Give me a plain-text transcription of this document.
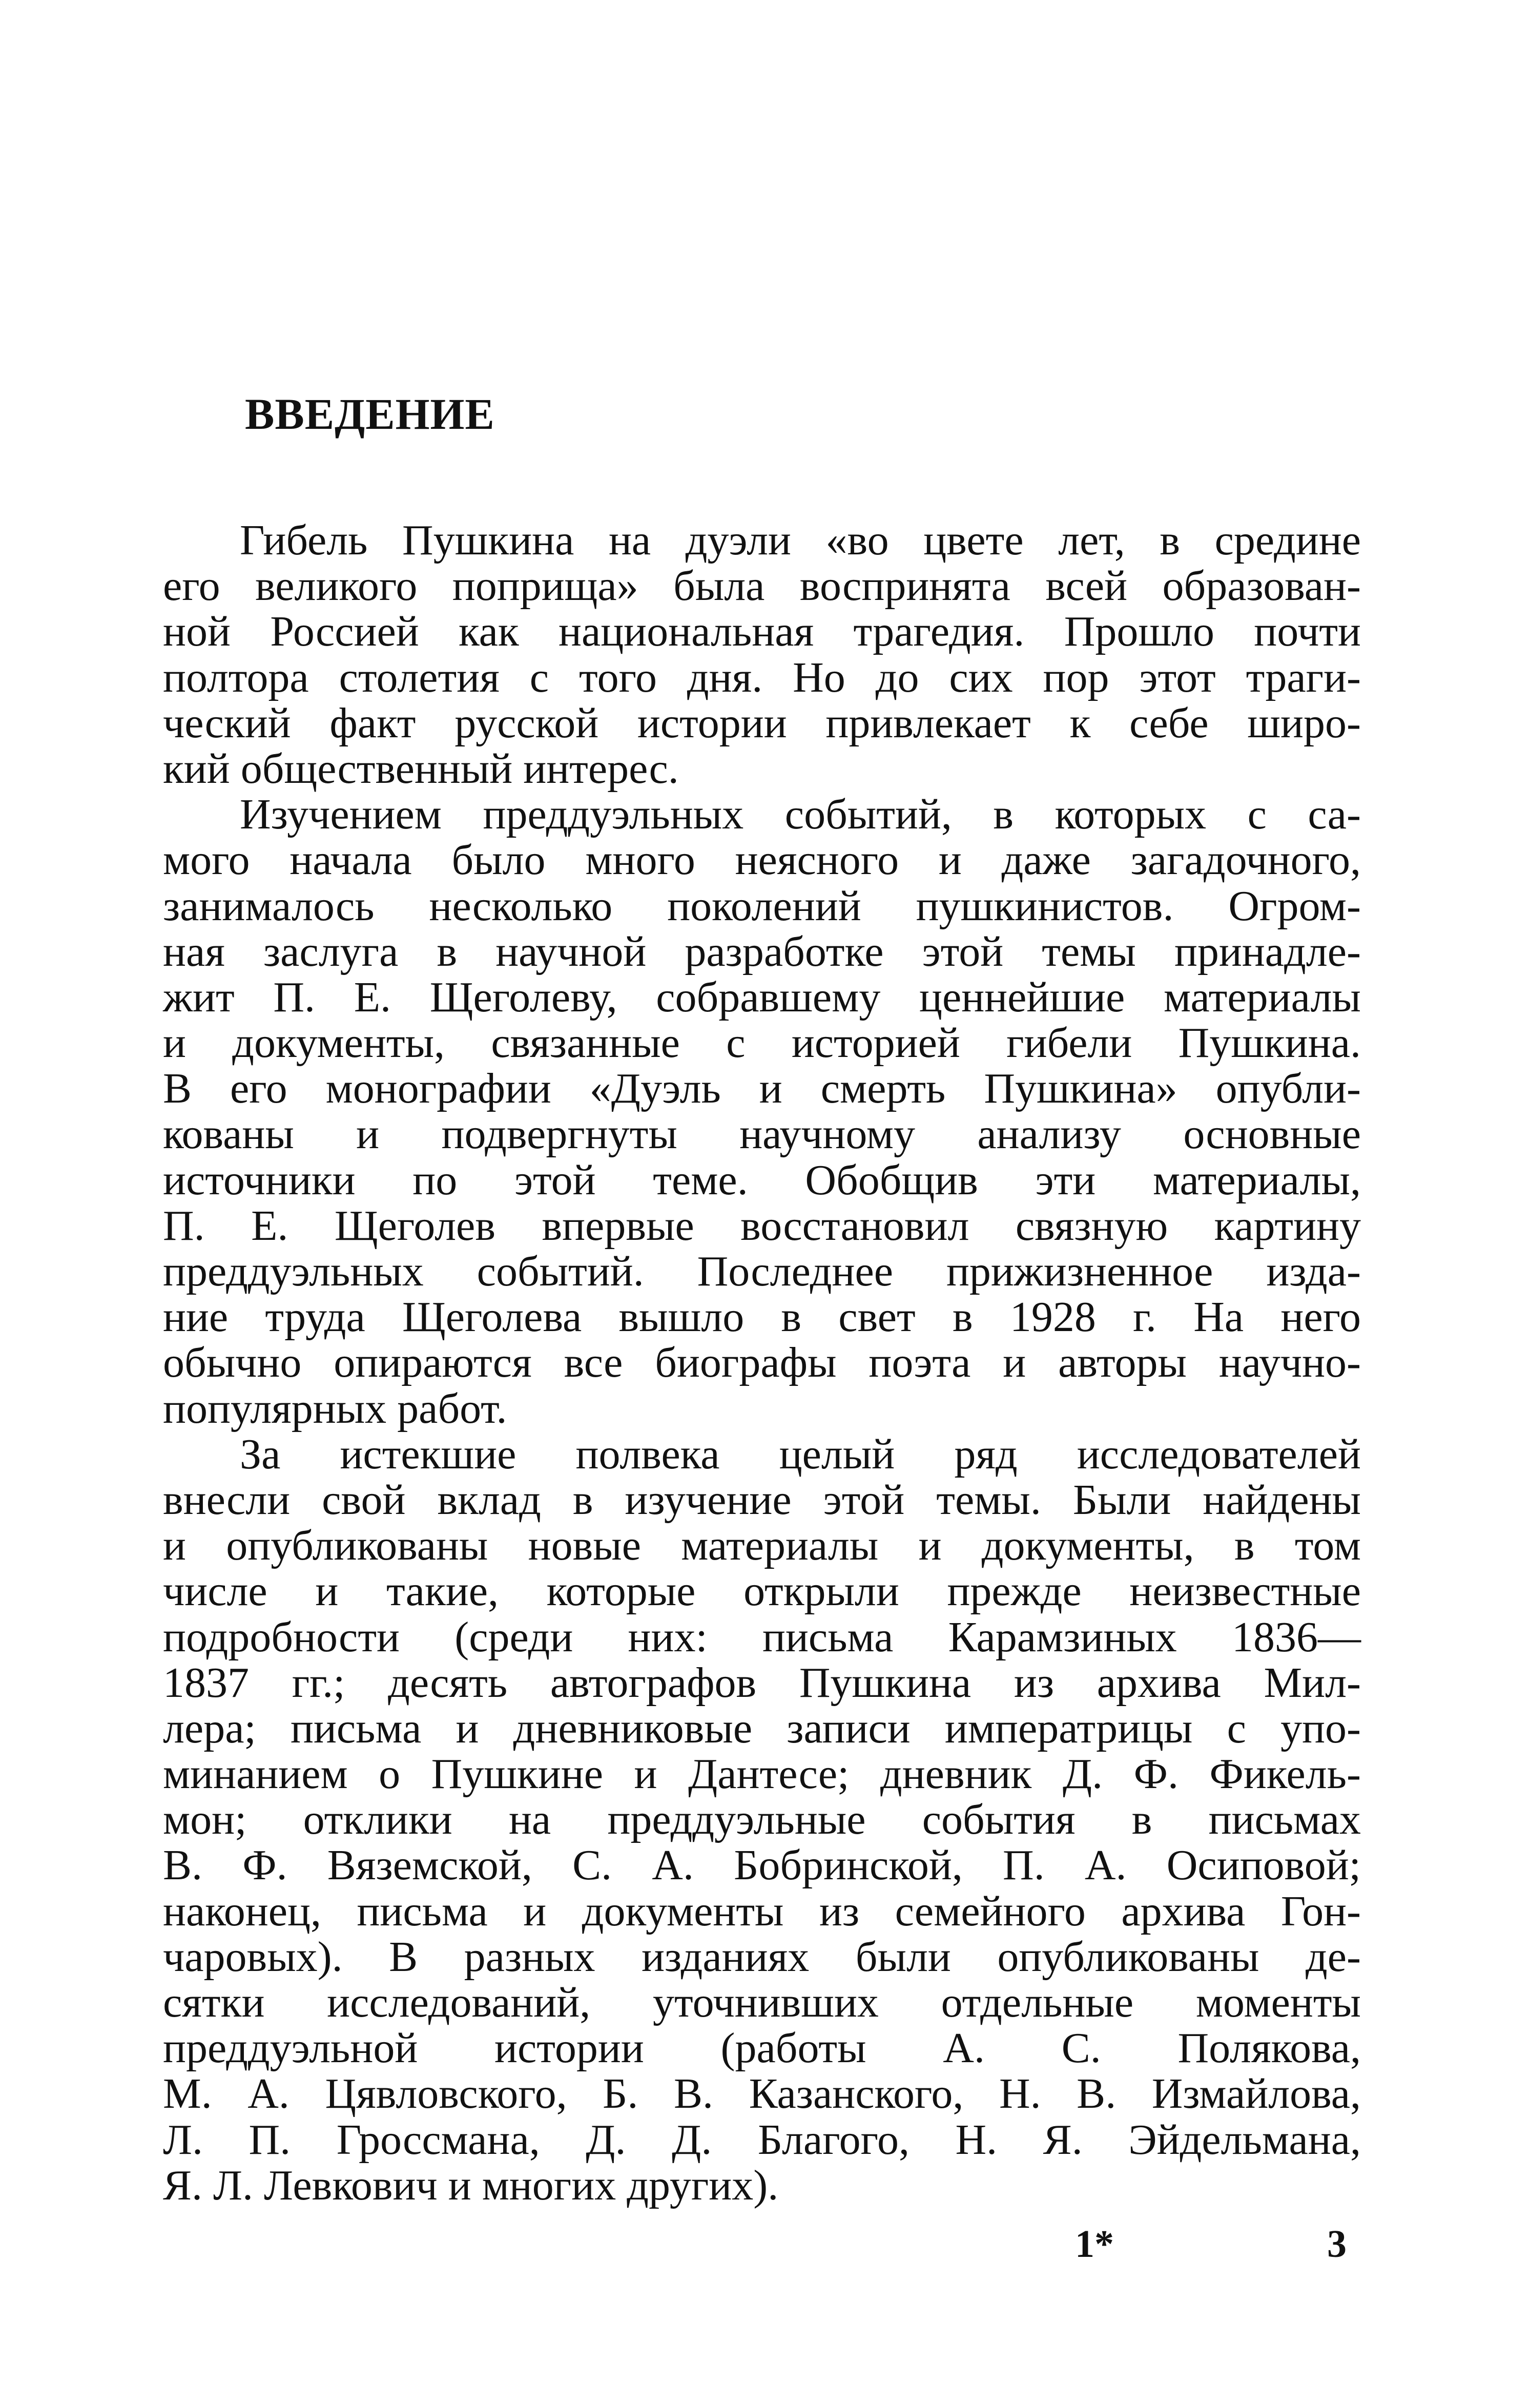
ВВЕДЕНИЕ

Гибель Пушкина на дуэли «во цвете лет, в средине
его великого поприща» была воспринята всей образован-
ной Россией как национальная трагедия. Прошло почти
полтора столетия с того дня. Но до сих пор этот траги-
ческий факт русской истории привлекает к себе широ-
кий общественный интерес.

Изучением преддуэльных событий, в которых с са-
мого начала было много неясного и даже загадочного,
занималось несколько поколений пушкинистов. Огром-
ная заслуга в научной разработке этой темы принадле-
жит П. Е. Щеголеву, собравшему ценнейшие материалы
и документы, связанные с историей гибели Пушкина.
В его монографии «Дуэль и смерть Пушкина» опубли-
кованы и подвергнуты научному анализу основные
источники по этой теме. Обобщив эти материалы,
П. Е. Щеголев впервые восстановил связную картину
преддуэльных событий. Последнее прижизненное изда-
ние труда Щеголева вышло в свет в 1928 г. На него
обычно опираются все биографы поэта и авторы научно-
популярных работ.

За истекшие полвека целый ряд исследователей
внесли свой вклад в изучение этой темы. Были найдены
и опубликованы новые материалы и документы, в том
числе и такие, которые открыли прежде неизвестные
подробности (среди них: письма Карамзиных 1836—
1837 гг.; десять автографов Пушкина из архива Мил-
лера; письма и дневниковые записи императрицы с упо-
минанием о Пушкине и Дантесе; дневник Д. Ф. Фикель-
мон; отклики на преддуэльные события в письмах
В. Ф. Вяземской, С. А. Бобринской, П. А. Осиповой;
наконец, письма и документы из семейного архива Гон-
чаровых). В разных изданиях были опубликованы де-
сятки исследований, уточнивших отдельные моменты
преддуэльной истории (работы А. С. Полякова,
М. А. Цявловского, Б. В. Казанского, Н. В. Измайлова,
Л. П. Гроссмана, Д. Д. Благого, Н. Я. Эйдельмана,
Я. Л. Левкович и многих других).

1*	3
